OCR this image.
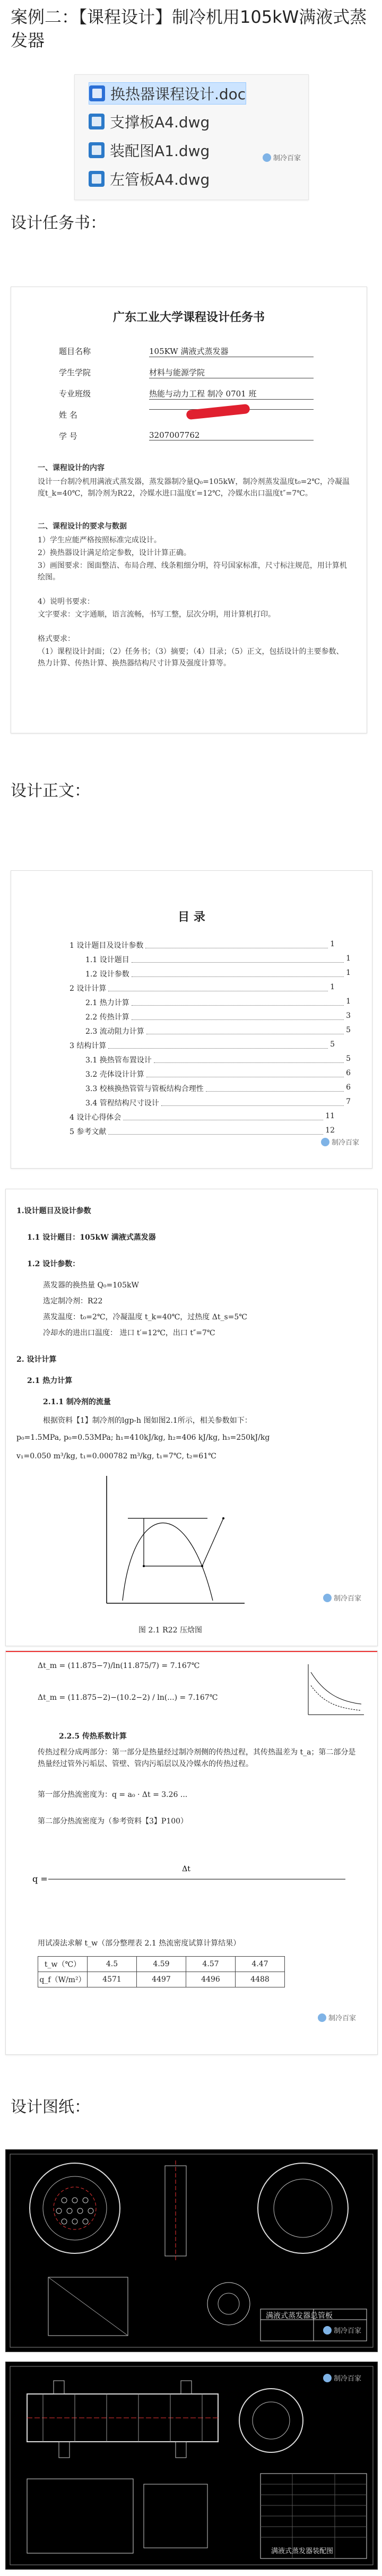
案例二：【课程设计】制冷机用105kW满液式蒸发器
换热器课程设计.doc
支撑板A4.dwg
装配图A1.dwg
左管板A4.dwg
制冷百家
设计任务书：
广东工业大学课程设计任务书
题目名称	105KW 满液式蒸发器
学生学院	材料与能源学院
专业班级	热能与动力工程 制冷 0701 班
姓 名
学 号	3207007762
一、课程设计的内容
设计一台制冷机用满液式蒸发器，蒸发器制冷量Q₀=105kW，制冷剂蒸发温度t₀=2℃，冷凝温度t_k=40℃，制冷剂为R22，冷媒水进口温度t′=12℃，冷媒水出口温度t″=7℃。
二、课程设计的要求与数据
1）学生应能严格按照标准完成设计。
2）换热器设计满足给定参数，设计计算正确。
3）画图要求：图面整洁、布局合理、线条粗细分明，符号国家标准，尺寸标注规范，用计算机绘图。
4）说明书要求：
文字要求：文字通顺，语言流畅，书写工整，层次分明，用计算机打印。
格式要求：
（1）课程设计封面；（2）任务书；（3）摘要；（4）目录；（5）正文，包括设计的主要参数、热力计算、传热计算、换热器结构尺寸计算及强度计算等。
设计正文：
目 录
1 设计题目及设计参数	1
1.1 设计题目	1
1.2 设计参数	1
2 设计计算	1
2.1 热力计算	1
2.2 传热计算	3
2.3 流动阻力计算	5
3 结构计算	5
3.1 换热管布置设计	5
3.2 壳体设计计算	6
3.3 校核换热管管与管板结构合理性	6
3.4 管程结构尺寸设计	7
4 设计心得体会	11
5 参考文献	12
制冷百家
1.设计题目及设计参数
1.1 设计题目：105kW 满液式蒸发器
1.2 设计参数：
蒸发器的换热量 Q₀=105kW
选定制冷剂：R22
蒸发温度：t₀=2℃，冷凝温度 t_k=40℃，过热度 Δt_s=5℃
冷却水的进出口温度： 进口 t′=12℃，出口 t″=7℃
2. 设计计算
2.1 热力计算
2.1.1 制冷剂的流量
根据资料【1】制冷剂的lgp-h 图如图2.1所示，相关参数如下：
p₀=1.5MPa, p₀=0.53MPa; h₁=410kJ/kg, h₂=406 kJ/kg, h₃=250kJ/kg
v₁=0.050 m³/kg, t₁=0.000782 m³/kg, t₁=7℃, t₂=61℃
图 2.1 R22 压焓图
制冷百家
Δt_m = (11.875−7)/ln(11.875/7) = 7.167℃
Δt_m = (11.875−2)−(10.2−2) / ln(...) = 7.167℃
2.2.5 传热系数计算
传热过程分成两部分：第一部分是热量经过制冷剂侧的传热过程，其传热温差为 t_a；第二部分是热量经过管外污垢层、管壁、管内污垢层以及冷媒水的传热过程。
第一部分热流密度为：q = a₀ · Δt = 3.26 ...
第二部分热流密度为（参考资料【3】P100）
Δt
q =
用试凑法求解 t_w（部分整理表 2.1 热流密度试算计算结果）
t_w（℃）	4.5	4.59	4.57	4.47
q_f（W/m²）	4571	4497	4496	4488
制冷百家
设计图纸：
满液式蒸发器总管板
制冷百家
满液式蒸发器装配图
制冷百家
